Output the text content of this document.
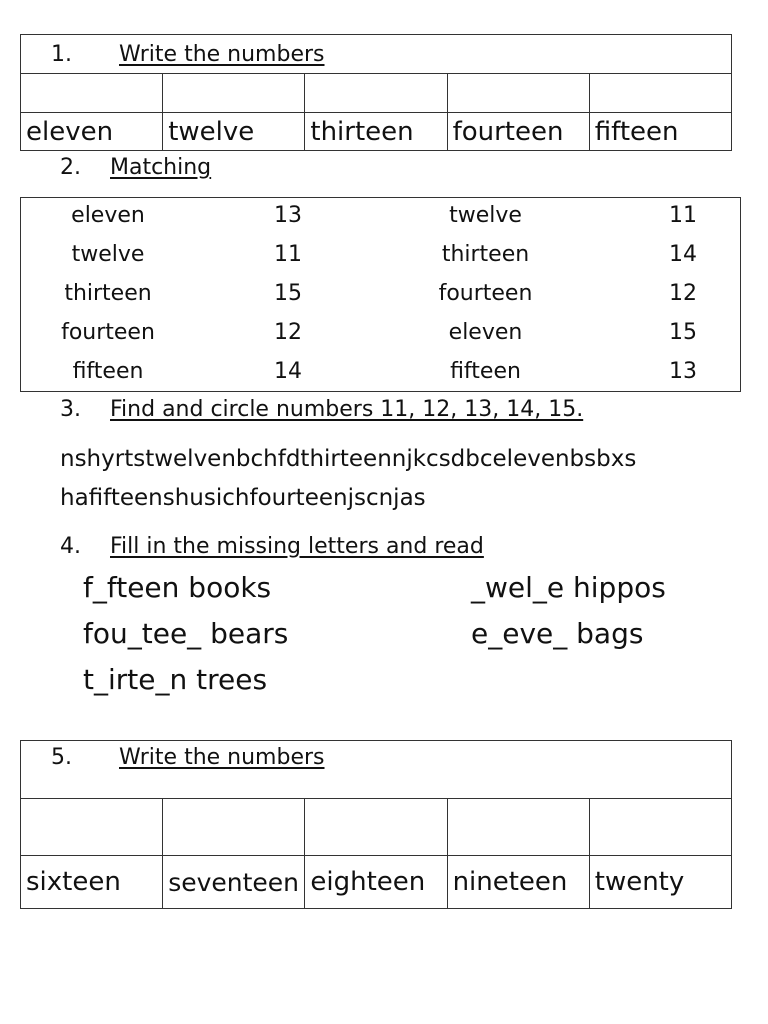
1.	Write the numbers

eleven	twelve	thirteen	fourteen	fifteen
2.	Matching
eleven	13	twelve	11
twelve	11	thirteen	14
thirteen	15	fourteen	12
fourteen	12	eleven	15
fifteen	14	fifteen	13
3.	Find and circle numbers 11, 12, 13, 14, 15.
nshyrtstwelvenbchfdthirteennjkcsdbcelevenbsbxs
hafifteenshusichfourteenjscnjas
4.	Fill in the missing letters and read
f_fteen books	_wel_e hippos
fou_tee_ bears	e_eve_ bags
t_irte_n trees
5.	Write the numbers

sixteen	seventeen	eighteen	nineteen	twenty
